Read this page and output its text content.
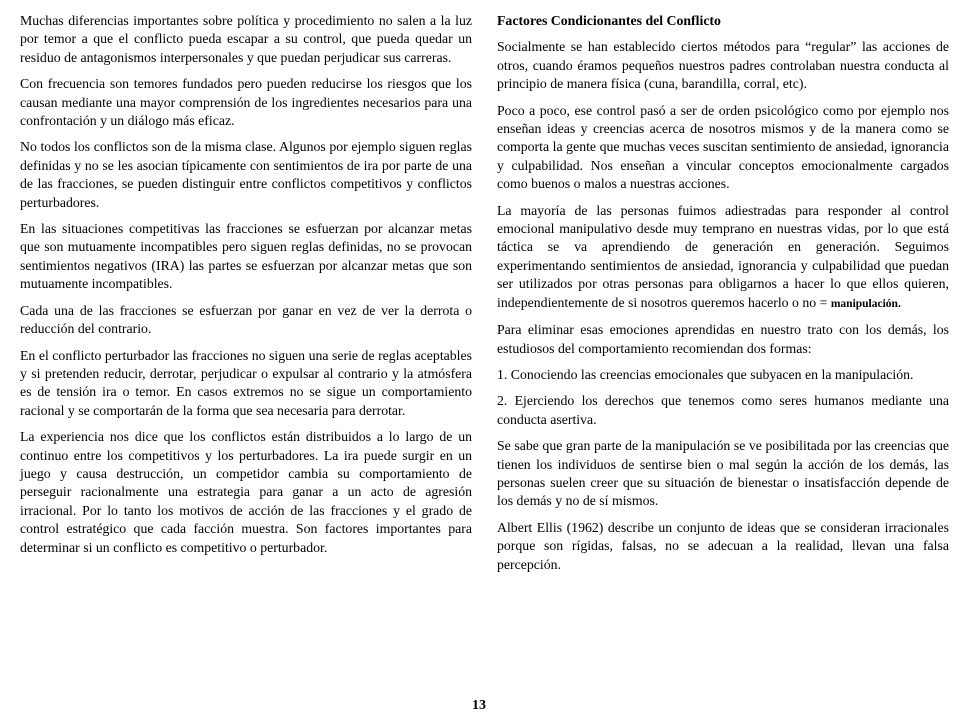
Muchas diferencias importantes sobre política y procedimiento no salen a la luz por temor a que el conflicto pueda escapar a su control, que pueda quedar un residuo de antagonismos interpersonales y que puedan perjudicar sus carreras.

Con frecuencia son temores fundados pero pueden reducirse los riesgos que los causan mediante una mayor comprensión de los ingredientes necesarios para una confrontación y un diálogo más eficaz.

No todos los conflictos son de la misma clase. Algunos por ejemplo siguen reglas definidas y no se les asocian típicamente con sentimientos de ira por parte de una de las fracciones, se pueden distinguir entre conflictos competitivos y conflictos perturbadores.

En las situaciones competitivas las fracciones se esfuerzan por alcanzar metas que son mutuamente incompatibles pero siguen reglas definidas, no se provocan sentimientos negativos (IRA) las partes se esfuerzan por alcanzar metas que son mutuamente incompatibles.

Cada una de las fracciones se esfuerzan por ganar en vez de ver la derrota o reducción del contrario.

En el conflicto perturbador las fracciones no siguen una serie de reglas aceptables y si pretenden reducir, derrotar, perjudicar o expulsar al contrario y la atmósfera es de tensión ira o temor. En casos extremos no se sigue un comportamiento racional y se comportarán de la forma que sea necesaria para derrotar.

La experiencia nos dice que los conflictos están distribuidos a lo largo de un continuo entre los competitivos y los perturbadores. La ira puede surgir en un juego y causa destrucción, un competidor cambia su comportamiento de perseguir racionalmente una estrategia para ganar a un acto de agresión irracional. Por lo tanto los motivos de acción de las fracciones y el grado de control estratégico que cada facción muestra. Son factores importantes para determinar si un conflicto es competitivo o perturbador.

Factores Condicionantes del Conflicto

Socialmente se han establecido ciertos métodos para “regular” las acciones de otros, cuando éramos pequeños nuestros padres controlaban nuestra conducta al principio de manera física (cuna, barandilla, corral, etc).

Poco a poco, ese control pasó a ser de orden psicológico como por ejemplo nos enseñan ideas y creencias acerca de nosotros mismos y de la manera como se comporta la gente que muchas veces suscitan sentimiento de ansiedad, ignorancia y culpabilidad. Nos enseñan a vincular conceptos emocionalmente cargados como buenos o malos a nuestras acciones.

La mayoría de las personas fuimos adiestradas para responder al control emocional manipulativo desde muy temprano en nuestras vidas, por lo que está táctica se va aprendiendo de generación en generación. Seguimos experimentando sentimientos de ansiedad, ignorancia y culpabilidad que puedan ser utilizados por otras personas para obligarnos a hacer lo que ellos quieren, independientemente de si nosotros queremos hacerlo o no = manipulación.

Para eliminar esas emociones aprendidas en nuestro trato con los demás, los estudiosos del comportamiento recomiendan dos formas:

1. Conociendo las creencias emocionales que subyacen en la manipulación.

2. Ejerciendo los derechos que tenemos como seres humanos mediante una conducta asertiva.

Se sabe que gran parte de la manipulación se ve posibilitada por las creencias que tienen los individuos de sentirse bien o mal según la acción de los demás, las personas suelen creer que su situación de bienestar o insatisfacción depende de los demás y no de sí mismos.

Albert Ellis (1962) describe un conjunto de ideas que se consideran irracionales porque son rígidas, falsas, no se adecuan a la realidad, llevan una falsa percepción.

13
